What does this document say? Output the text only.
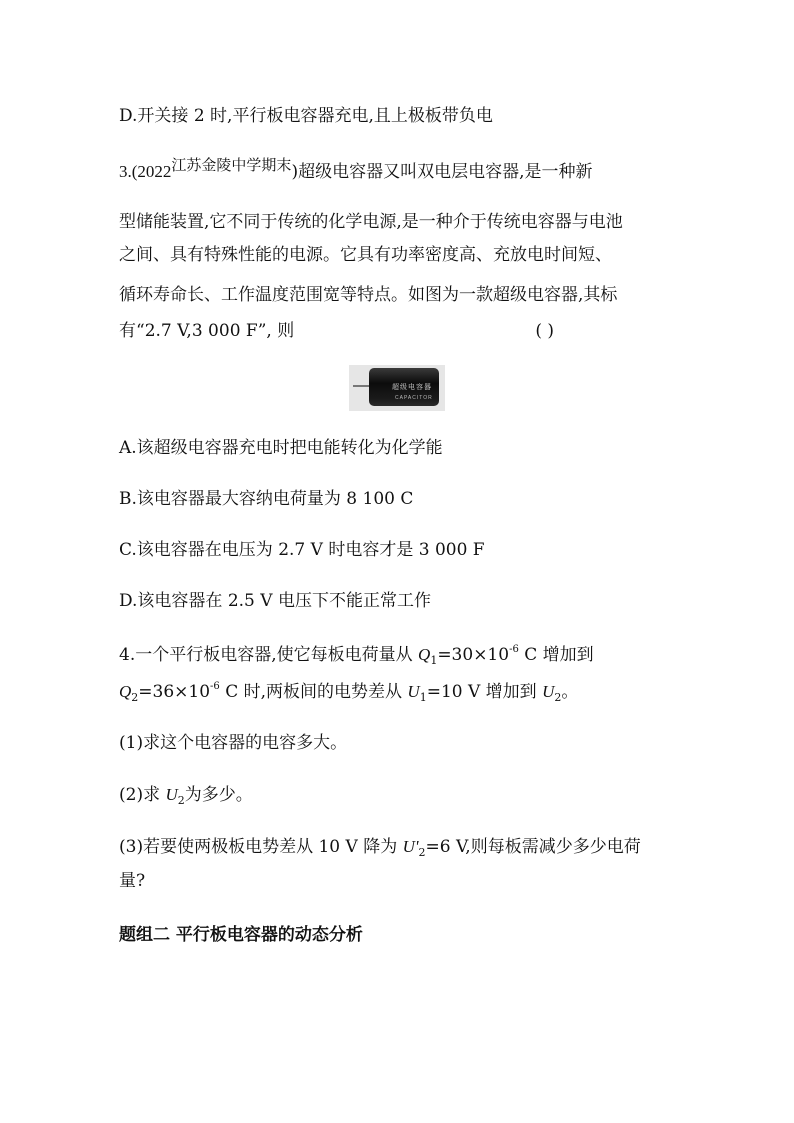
D.开关接 2 时,平行板电容器充电,且上极板带负电
3.(2022江苏金陵中学期末)超级电容器又叫双电层电容器,是一种新
型储能装置,它不同于传统的化学电源,是一种介于传统电容器与电池
之间、具有特殊性能的电源。它具有功率密度高、充放电时间短、
循环寿命长、工作温度范围宽等特点。如图为一款超级电容器,其标
有“2.7 V,3 000 F”, 则	( )
超级电容器
CAPACITOR
A.该超级电容器充电时把电能转化为化学能
B.该电容器最大容纳电荷量为 8 100 C
C.该电容器在电压为 2.7 V 时电容才是 3 000 F
D.该电容器在 2.5 V 电压下不能正常工作
4.一个平行板电容器,使它每板电荷量从 $Q_1=30\times 10^{-6}$ C 增加到
$Q_2=36\times 10^{-6}$ C 时,两板间的电势差从 $U_1=10$ V 增加到 $U_2$。
(1)求这个电容器的电容多大。
(2)求 $U_2$为多少。
(3)若要使两极板电势差从 10 V 降为 $U'_2=6$ V,则每板需减少多少电荷
量?
题组二 平行板电容器的动态分析
